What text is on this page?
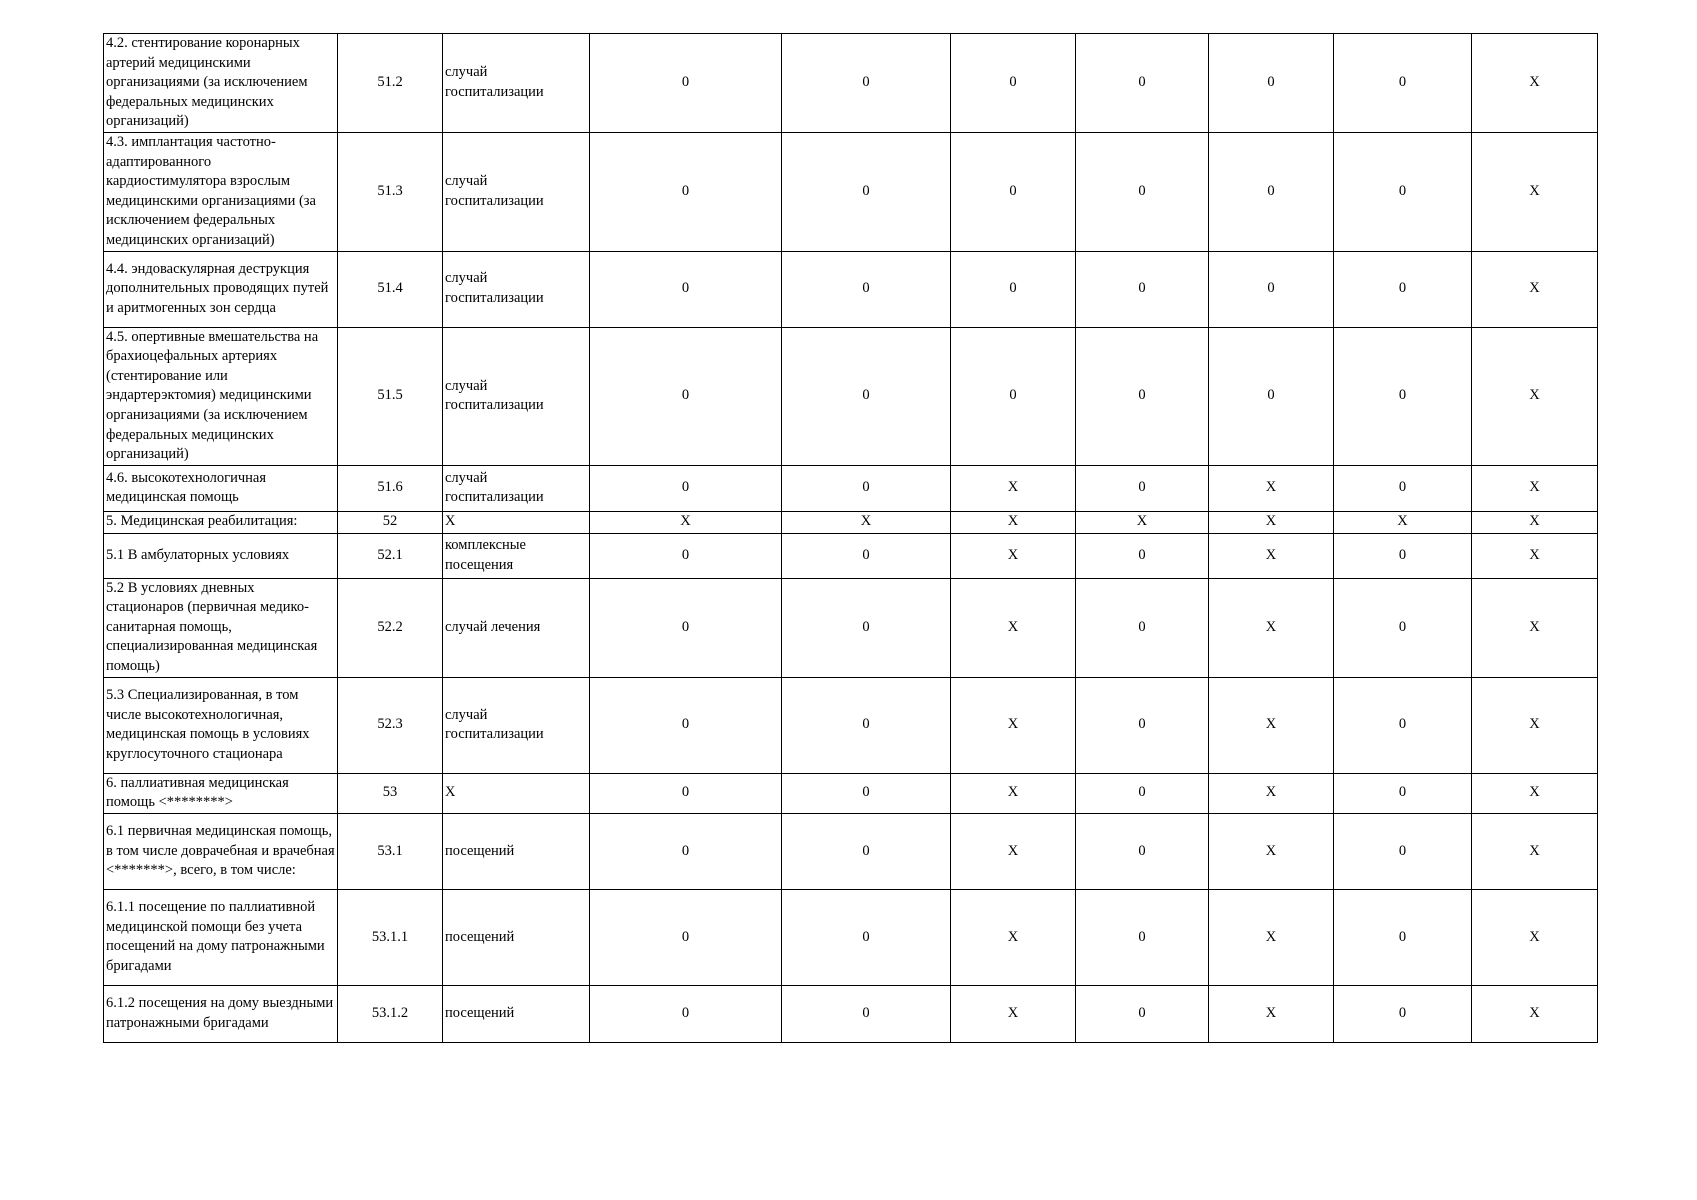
4.2. стентирование коронарных артерий медицинскими организациями (за исключением федеральных медицинских организаций)	51.2	случай госпитализации	0	0	0	0	0	0	X
4.3. имплантация частотно-адаптированного кардиостимулятора взрослым медицинскими организациями (за исключением федеральных медицинских организаций)	51.3	случай госпитализации	0	0	0	0	0	0	X
4.4. эндоваскулярная деструкция дополнительных проводящих путей и аритмогенных зон сердца	51.4	случай госпитализации	0	0	0	0	0	0	X
4.5. опертивные вмешательства на брахиоцефальных артериях (стентирование или эндартерэктомия) медицинскими организациями (за исключением федеральных медицинских организаций)	51.5	случай госпитализации	0	0	0	0	0	0	X
4.6. высокотехнологичная медицинская помощь	51.6	случай госпитализации	0	0	X	0	X	0	X
5. Медицинская реабилитация:	52	X	X	X	X	X	X	X	X
5.1 В амбулаторных условиях	52.1	комплексные посещения	0	0	X	0	X	0	X
5.2 В условиях дневных стационаров (первичная медико-санитарная помощь, специализированная медицинская помощь)	52.2	случай лечения	0	0	X	0	X	0	X
5.3 Специализированная, в том числе высокотехнологичная, медицинская помощь в условиях круглосуточного стационара	52.3	случай госпитализации	0	0	X	0	X	0	X
6. паллиативная медицинская помощь <********>	53	X	0	0	X	0	X	0	X
6.1 первичная медицинская помощь, в том числе доврачебная и врачебная <*******>, всего, в том числе:	53.1	посещений	0	0	X	0	X	0	X
6.1.1 посещение по паллиативной медицинской помощи без учета посещений на дому патронажными бригадами	53.1.1	посещений	0	0	X	0	X	0	X
6.1.2 посещения на дому выездными патронажными бригадами	53.1.2	посещений	0	0	X	0	X	0	X
